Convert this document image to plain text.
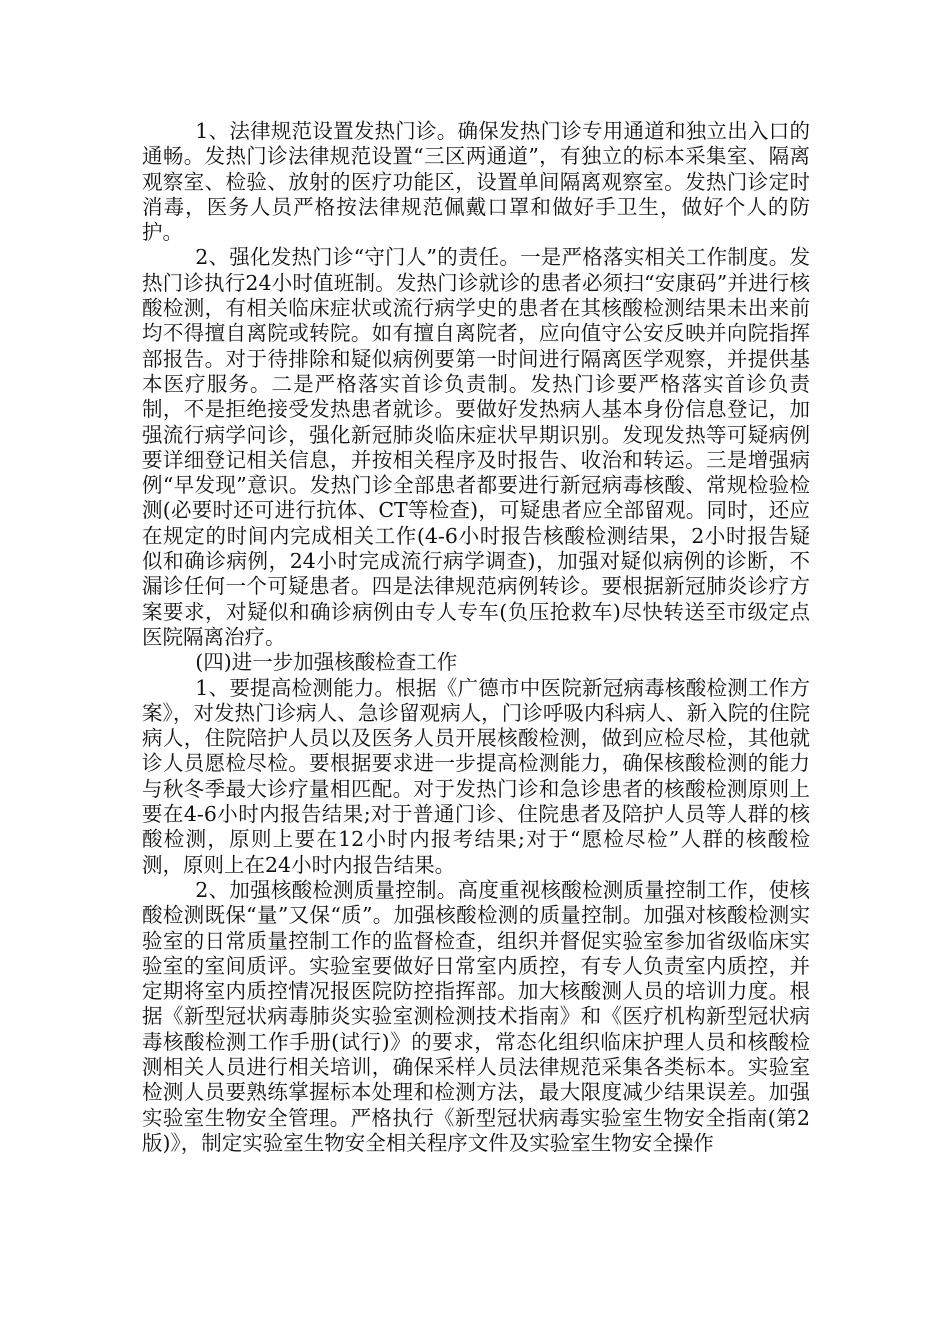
1、法律规范设置发热门诊。确保发热门诊专用通道和独立出入口的通畅。发热门诊法律规范设置“三区两通道”，有独立的标本采集室、隔离观察室、检验、放射的医疗功能区，设置单间隔离观察室。发热门诊定时消毒，医务人员严格按法律规范佩戴口罩和做好手卫生，做好个人的防护。

2、强化发热门诊“守门人”的责任。一是严格落实相关工作制度。发热门诊执行24小时值班制。发热门诊就诊的患者必须扫“安康码”并进行核酸检测，有相关临床症状或流行病学史的患者在其核酸检测结果未出来前均不得擅自离院或转院。如有擅自离院者，应向值守公安反映并向院指挥部报告。对于待排除和疑似病例要第一时间进行隔离医学观察，并提供基本医疗服务。二是严格落实首诊负责制。发热门诊要严格落实首诊负责制，不是拒绝接受发热患者就诊。要做好发热病人基本身份信息登记，加强流行病学问诊，强化新冠肺炎临床症状早期识别。发现发热等可疑病例要详细登记相关信息，并按相关程序及时报告、收治和转运。三是增强病例“早发现”意识。发热门诊全部患者都要进行新冠病毒核酸、常规检验检测(必要时还可进行抗体、CT等检查)，可疑患者应全部留观。同时，还应在规定的时间内完成相关工作(4-6小时报告核酸检测结果，2小时报告疑似和确诊病例，24小时完成流行病学调查)，加强对疑似病例的诊断，不漏诊任何一个可疑患者。四是法律规范病例转诊。要根据新冠肺炎诊疗方案要求，对疑似和确诊病例由专人专车(负压抢救车)尽快转送至市级定点医院隔离治疗。

(四)进一步加强核酸检查工作

1、要提高检测能力。根据《广德市中医院新冠病毒核酸检测工作方案》，对发热门诊病人、急诊留观病人，门诊呼吸内科病人、新入院的住院病人，住院陪护人员以及医务人员开展核酸检测，做到应检尽检，其他就诊人员愿检尽检。要根据要求进一步提高检测能力，确保核酸检测的能力与秋冬季最大诊疗量相匹配。对于发热门诊和急诊患者的核酸检测原则上要在4-6小时内报告结果;对于普通门诊、住院患者及陪护人员等人群的核酸检测，原则上要在12小时内报考结果;对于“愿检尽检”人群的核酸检测，原则上在24小时内报告结果。

2、加强核酸检测质量控制。高度重视核酸检测质量控制工作，使核酸检测既保“量”又保“质”。加强核酸检测的质量控制。加强对核酸检测实验室的日常质量控制工作的监督检查，组织并督促实验室参加省级临床实验室的室间质评。实验室要做好日常室内质控，有专人负责室内质控，并定期将室内质控情况报医院防控指挥部。加大核酸测人员的培训力度。根据《新型冠状病毒肺炎实验室测检测技术指南》和《医疗机构新型冠状病毒核酸检测工作手册(试行)》的要求，常态化组织临床护理人员和核酸检测相关人员进行相关培训，确保采样人员法律规范采集各类标本。实验室检测人员要熟练掌握标本处理和检测方法，最大限度减少结果误差。加强实验室生物安全管理。严格执行《新型冠状病毒实验室生物安全指南(第2版)》，制定实验室生物安全相关程序文件及实验室生物安全操作
